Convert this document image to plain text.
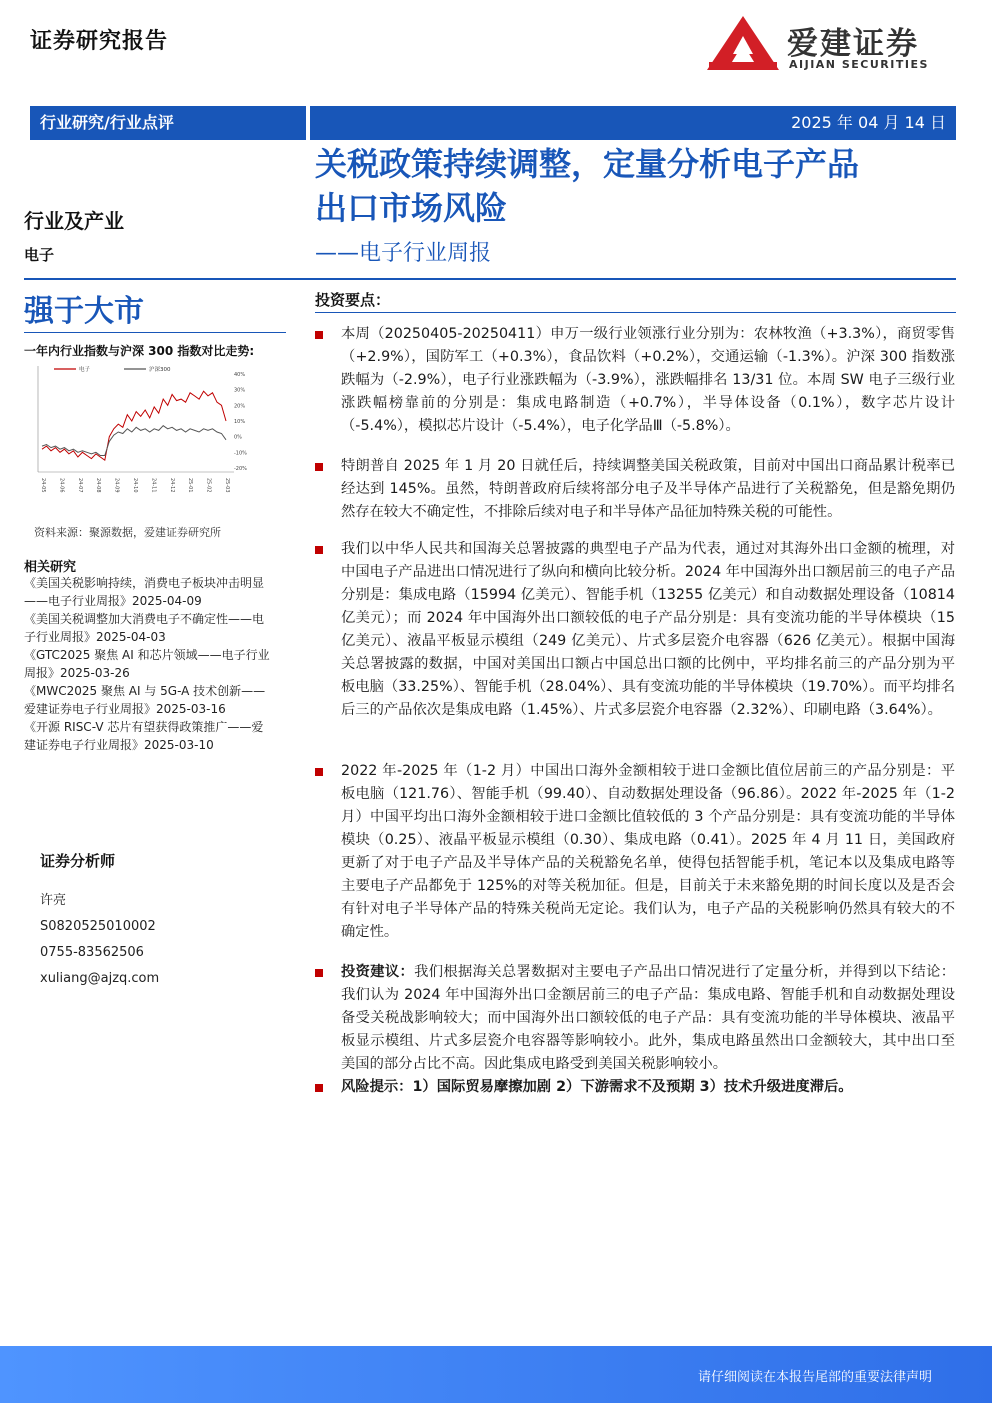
证券研究报告	爱建证券
AIJIAN SECURITIES
行业研究/行业点评	2025 年 04 月 14 日
关税政策持续调整，定量分析电子产品
出口市场风险
——电子行业周报
行业及产业
电子
强于大市
一年内行业指数与沪深 300 指数对比走势:
电子	沪深300
40%
30%
20%
10%
0%
-10%
-20%
24-05 24-06 24-07 24-08 24-09 24-10 24-11 24-12 25-01 25-02 25-03
资料来源：聚源数据，爱建证券研究所
相关研究
《美国关税影响持续，消费电子板块冲击明显
——电子行业周报》2025-04-09
《美国关税调整加大消费电子不确定性——电
子行业周报》2025-04-03
《GTC2025 聚焦 AI 和芯片领域——电子行业
周报》2025-03-26
《MWC2025 聚焦 AI 与 5G-A 技术创新——
爱建证券电子行业周报》2025-03-16
《开源 RISC-V 芯片有望获得政策推广——爱
建证券电子行业周报》2025-03-10
证券分析师
许亮
S0820525010002
0755-83562506
xuliang@ajzq.com
投资要点：
本周（20250405-20250411）申万一级行业领涨行业分别为：农林牧渔（+3.3%），商贸零售（+2.9%），国防军工（+0.3%），食品饮料（+0.2%），交通运输（-1.3%）。沪深 300 指数涨跌幅为（-2.9%），电子行业涨跌幅为（-3.9%），涨跌幅排名 13/31 位。本周 SW 电子三级行业涨跌幅榜靠前的分别是：集成电路制造（+0.7%），半导体设备（0.1%），数字芯片设计（-5.4%），模拟芯片设计（-5.4%），电子化学品Ⅲ（-5.8%）。
特朗普自 2025 年 1 月 20 日就任后，持续调整美国关税政策，目前对中国出口商品累计税率已经达到 145%。虽然，特朗普政府后续将部分电子及半导体产品进行了关税豁免，但是豁免期仍然存在较大不确定性，不排除后续对电子和半导体产品征加特殊关税的可能性。
我们以中华人民共和国海关总署披露的典型电子产品为代表，通过对其海外出口金额的梳理，对中国电子产品进出口情况进行了纵向和横向比较分析。2024 年中国海外出口额居前三的电子产品分别是：集成电路（15994 亿美元）、智能手机（13255 亿美元）和自动数据处理设备（10814 亿美元）；而 2024 年中国海外出口额较低的电子产品分别是：具有变流功能的半导体模块（15 亿美元）、液晶平板显示模组（249 亿美元）、片式多层瓷介电容器（626 亿美元）。根据中国海关总署披露的数据，中国对美国出口额占中国总出口额的比例中，平均排名前三的产品分别为平板电脑（33.25%）、智能手机（28.04%）、具有变流功能的半导体模块（19.70%）。而平均排名后三的产品依次是集成电路（1.45%）、片式多层瓷介电容器（2.32%）、印刷电路（3.64%）。
2022 年-2025 年（1-2 月）中国出口海外金额相较于进口金额比值位居前三的产品分别是：平板电脑（121.76）、智能手机（99.40）、自动数据处理设备（96.86）。2022 年-2025 年（1-2 月）中国平均出口海外金额相较于进口金额比值较低的 3 个产品分别是：具有变流功能的半导体模块（0.25）、液晶平板显示模组（0.30）、集成电路（0.41）。2025 年 4 月 11 日，美国政府更新了对于电子产品及半导体产品的关税豁免名单，使得包括智能手机，笔记本以及集成电路等主要电子产品都免于 125%的对等关税加征。但是，目前关于未来豁免期的时间长度以及是否会有针对电子半导体产品的特殊关税尚无定论。我们认为，电子产品的关税影响仍然具有较大的不确定性。
投资建议：我们根据海关总署数据对主要电子产品出口情况进行了定量分析，并得到以下结论：我们认为 2024 年中国海外出口金额居前三的电子产品：集成电路、智能手机和自动数据处理设备受关税战影响较大；而中国海外出口额较低的电子产品：具有变流功能的半导体模块、液晶平板显示模组、片式多层瓷介电容器等影响较小。此外，集成电路虽然出口金额较大，其中出口至美国的部分占比不高。因此集成电路受到美国关税影响较小。
风险提示：1）国际贸易摩擦加剧 2）下游需求不及预期 3）技术升级进度滞后。
请仔细阅读在本报告尾部的重要法律声明
